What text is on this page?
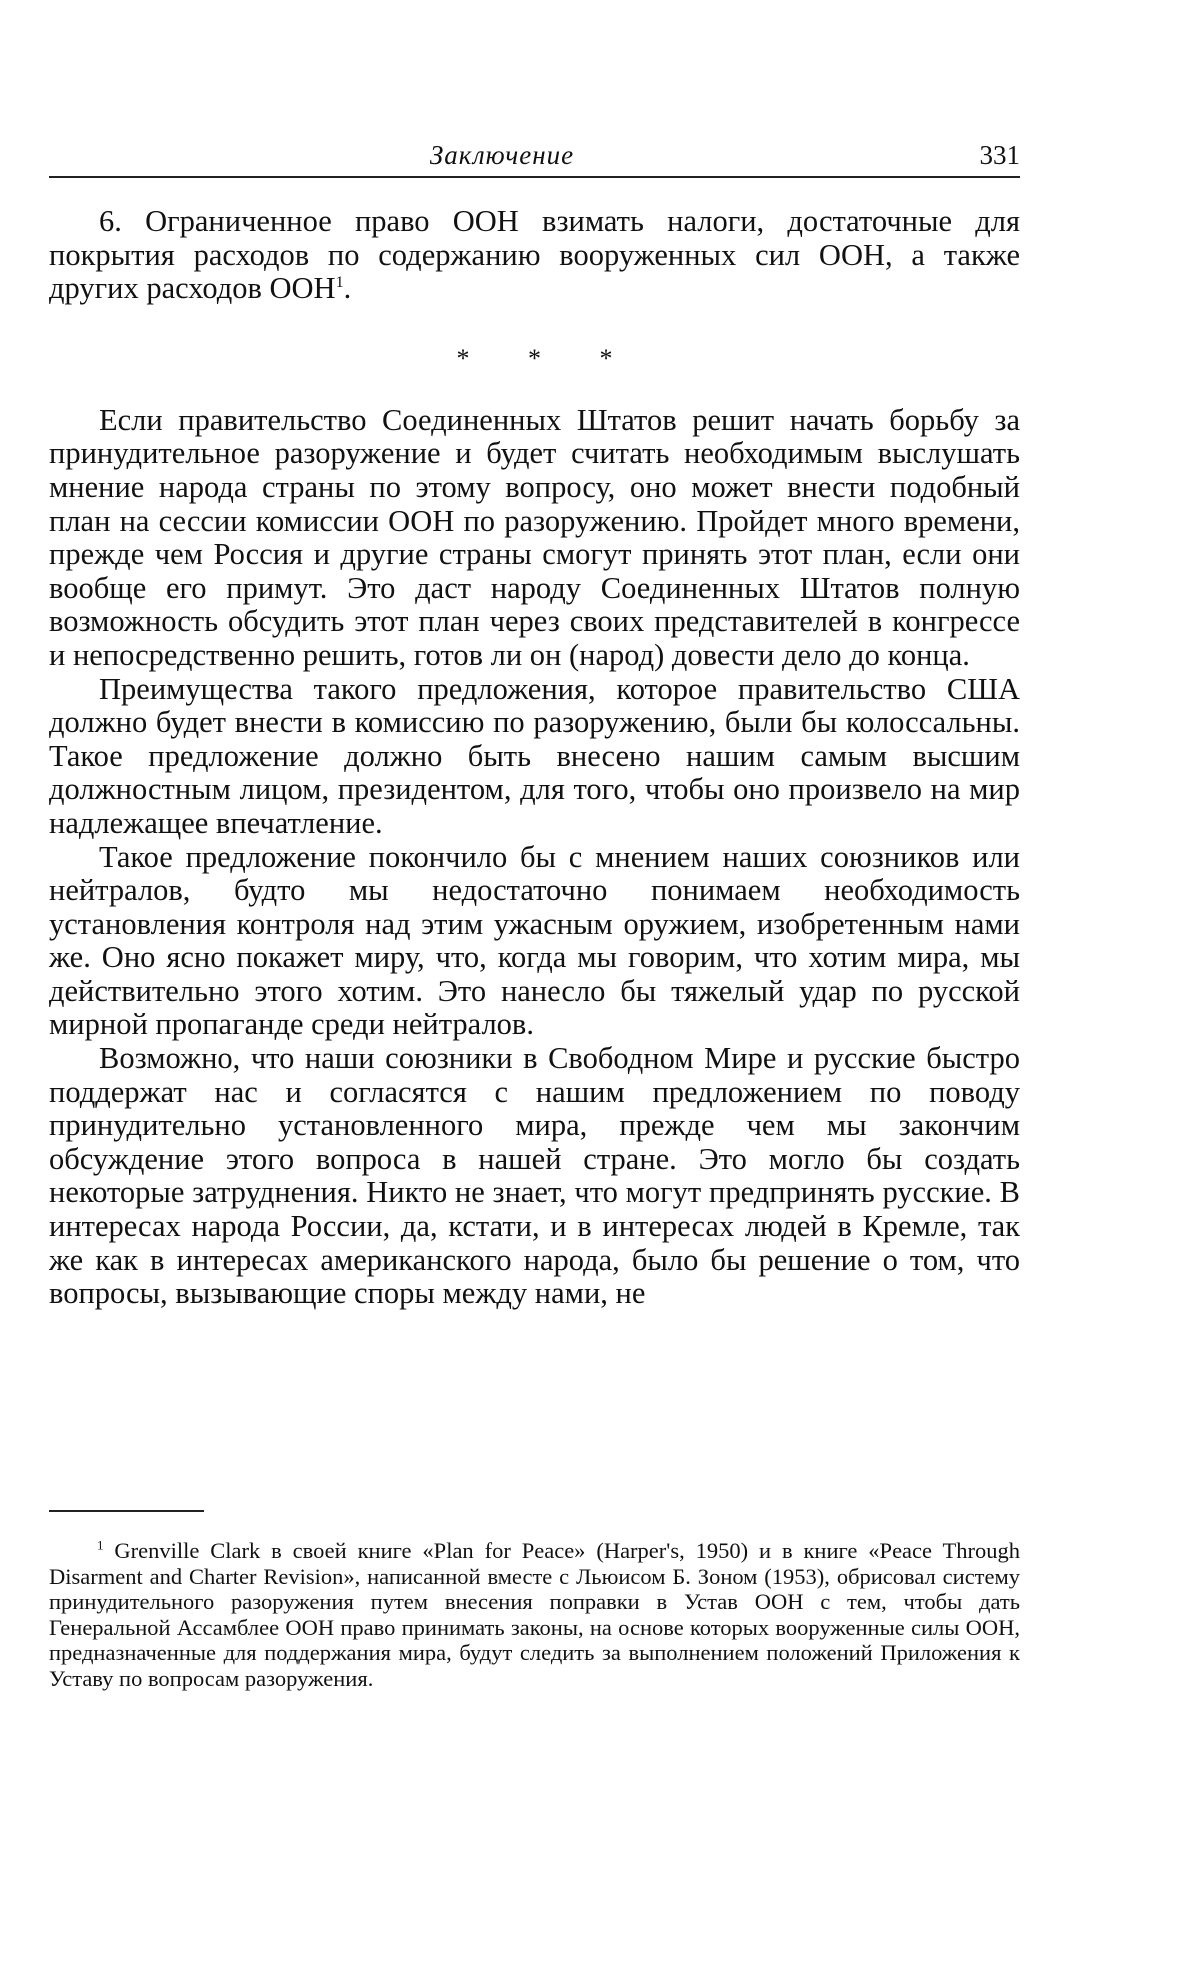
Заключение	331

6. Ограниченное право ООН взимать налоги, достаточные для покрытия расходов по содержанию вооруженных сил ООН, а также других расходов ООН$^1$.

* * *

Если правительство Соединенных Штатов решит начать борьбу за принудительное разоружение и будет считать необходимым выслушать мнение народа страны по этому вопросу, оно может внести подобный план на сессии комиссии ООН по разоружению. Пройдет много времени, прежде чем Россия и другие страны смогут принять этот план, если они вообще его примут. Это даст народу Соединенных Штатов полную возможность обсудить этот план через своих представителей в конгрессе и непосредственно решить, готов ли он (народ) довести дело до конца.

Преимущества такого предложения, которое правительство США должно будет внести в комиссию по разоружению, были бы колоссальны. Такое предложение должно быть внесено нашим самым высшим должностным лицом, президентом, для того, чтобы оно произвело на мир надлежащее впечатление.

Такое предложение покончило бы с мнением наших союзников или нейтралов, будто мы недостаточно понимаем необходимость установления контроля над этим ужасным оружием, изобретенным нами же. Оно ясно покажет миру, что, когда мы говорим, что хотим мира, мы действительно этого хотим. Это нанесло бы тяжелый удар по русской мирной пропаганде среди нейтралов.

Возможно, что наши союзники в Свободном Мире и русские быстро поддержат нас и согласятся с нашим предложением по поводу принудительно установленного мира, прежде чем мы закончим обсуждение этого вопроса в нашей стране. Это могло бы создать некоторые затруднения. Никто не знает, что могут предпринять русские. В интересах народа России, да, кстати, и в интересах людей в Кремле, так же как в интересах американского народа, было бы решение о том, что вопросы, вызывающие споры между нами, не

$^1$ Grenville Clark в своей книге «Plan for Peace» (Harper's, 1950) и в книге «Peace Through Disarment and Charter Revision», написанной вместе с Льюисом Б. Зоном (1953), обрисовал систему принудительного разоружения путем внесения поправки в Устав ООН с тем, чтобы дать Генеральной Ассамблее ООН право принимать законы, на основе которых вооруженные силы ООН, предназначенные для поддержания мира, будут следить за выполнением положений Приложения к Уставу по вопросам разоружения.
